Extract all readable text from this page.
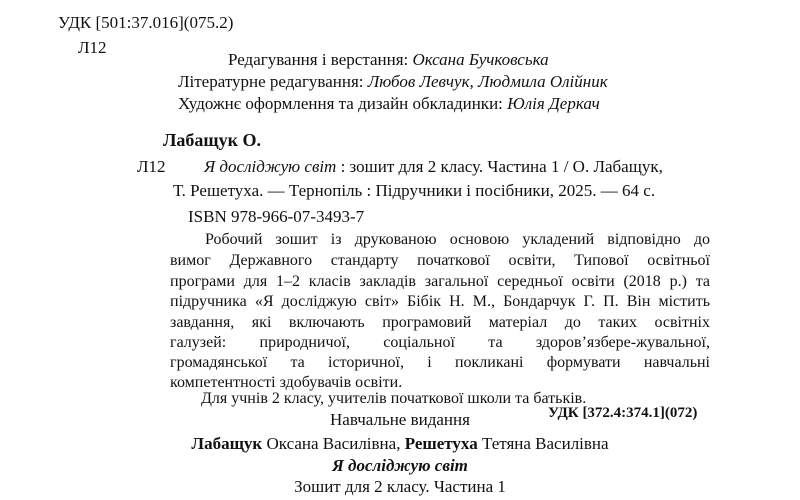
УДК [501:37.016](075.2)
Л12
Редагування і верстання: Оксана Бучковська
Літературне редагування: Любов Левчук, Людмила Олійник
Художнє оформлення та дизайн обкладинки: Юлія Деркач
Лабащук О.
Л12 Я досліджую світ : зошит для 2 класу. Частина 1 / О. Лабащук,
Т. Решетуха. — Тернопіль : Підручники і посібники, 2025. — 64 с.
ISBN 978-966-07-3493-7
Робочий зошит із друкованою основою укладений відповідно до
вимог Державного стандарту початкової освіти, Типової освітньої
програми для 1–2 класів закладів загальної середньої освіти (2018 р.) та
підручника «Я досліджую світ» Бібік Н. М., Бондарчук Г. П. Він містить
завдання, які включають програмовий матеріал до таких освітніх
галузей: природничої, соціальної та здоров’язбере-жувальної,
громадянської та історичної, і покликані формувати навчальні
компетентності здобувачів освіти.
Для учнів 2 класу, учителів початкової школи та батьків.
УДК [372.4:374.1](072)
Навчальне видання
Лабащук Оксана Василівна, Решетуха Тетяна Василівна
Я досліджую світ
Зошит для 2 класу. Частина 1
